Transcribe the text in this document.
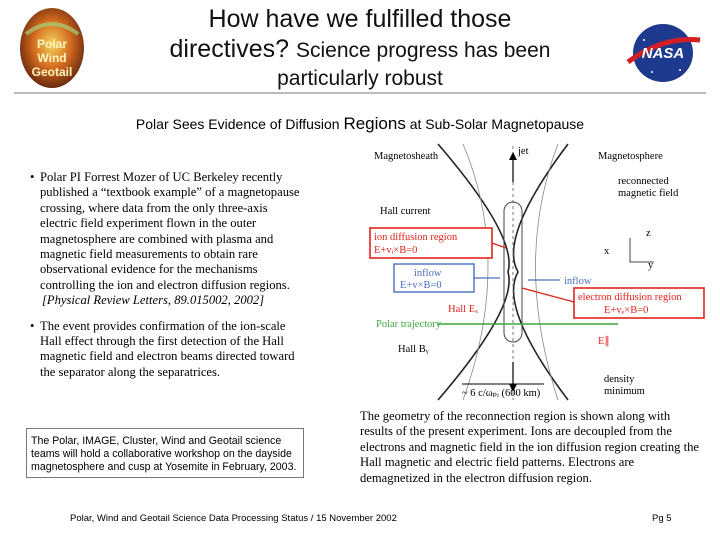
Polar
Wind
Geotail
How have we fulfilled those
directives? Science progress has been
particularly robust
NASA
Polar Sees Evidence of Diffusion Regions at Sub-Solar Magnetopause
• Polar PI Forrest Mozer of UC Berkeley recently published a “textbook example” of a magnetopause crossing, where data from the only three-axis electric field experiment flown in the outer magnetosphere are combined with plasma and magnetic field measurements to obtain rare observational evidence for the mechanisms controlling the ion and electron diffusion regions.
[Physical Review Letters, 89.015002, 2002]
• The event provides confirmation of the ion-scale Hall effect through the first detection of the Hall magnetic field and electron beams directed toward the separator along the separatrices.
The Polar, IMAGE, Cluster, Wind and Geotail science teams will hold a collaborative workshop on the dayside magnetosphere and cusp at Yosemite in February, 2003.
Magnetosheath	Magnetosphere
jet
reconnected
magnetic field
Hall current
ion diffusion region
E+vᵢ×B=0
inflow
E+v×B=0	inflow
z
x
y
electron diffusion region
E+vₑ×B=0
Hall Eₓ
Polar trajectory
Hall Bᵧ
E∥
~ 6 c/ωₚᵢ (600 km)
density
minimum
The geometry of the reconnection region is shown along with results of the present experiment. Ions are decoupled from the electrons and magnetic field in the ion diffusion region creating the Hall magnetic and electric field patterns. Electrons are demagnetized in the electron diffusion region.
Polar, Wind and Geotail Science Data Processing Status / 15 November 2002	Pg 5
